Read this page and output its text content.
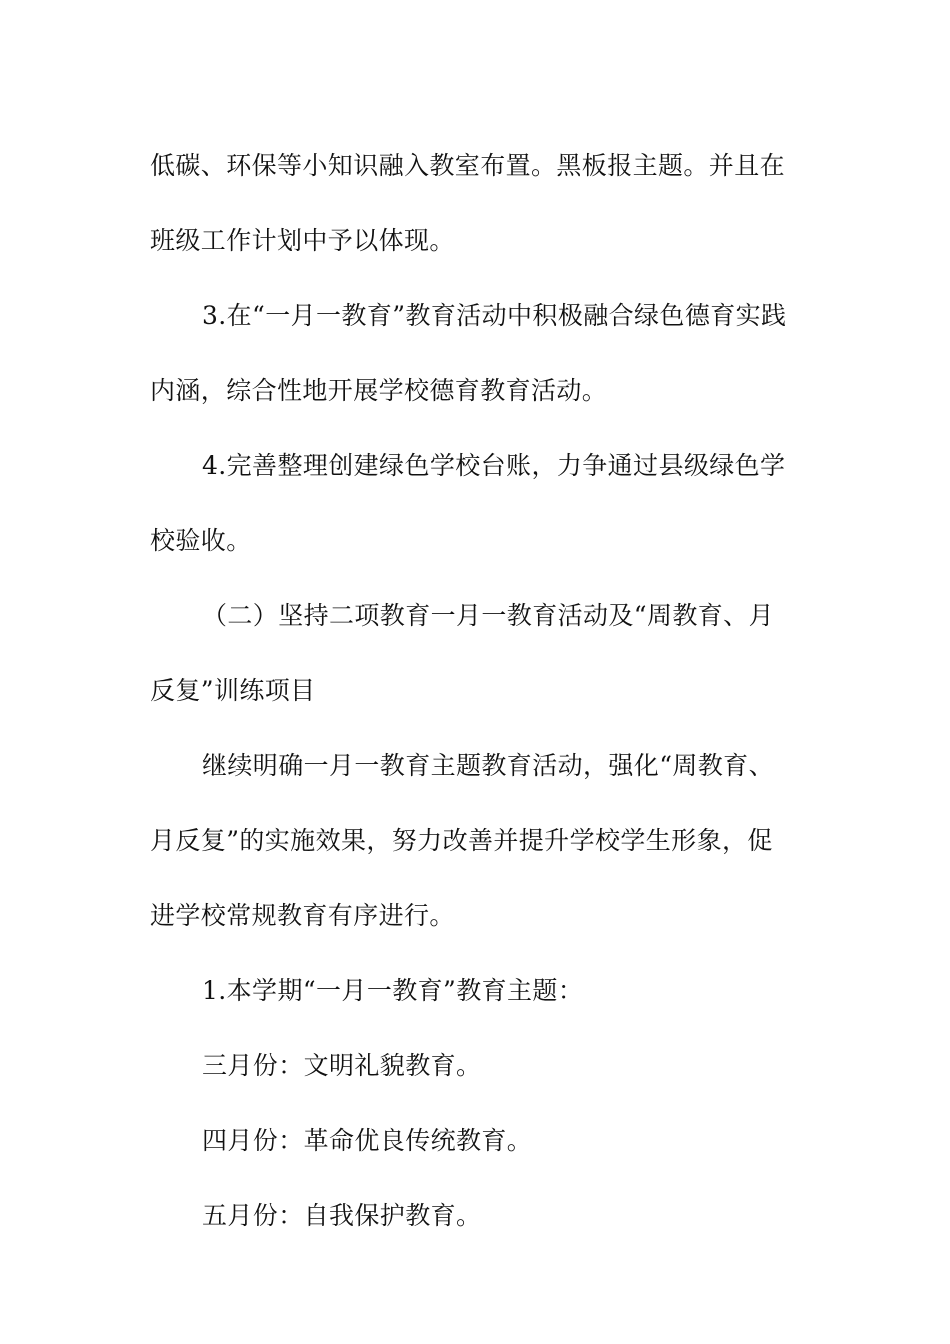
低碳、环保等小知识融入教室布置。黑板报主题。并且在班级工作计划中予以体现。

3.在“一月一教育”教育活动中积极融合绿色德育实践内涵，综合性地开展学校德育教育活动。

4.完善整理创建绿色学校台账，力争通过县级绿色学校验收。

（二）坚持二项教育一月一教育活动及“周教育、月反复”训练项目

继续明确一月一教育主题教育活动，强化“周教育、月反复”的实施效果，努力改善并提升学校学生形象，促进学校常规教育有序进行。

1.本学期“一月一教育”教育主题：

三月份：文明礼貌教育。

四月份：革命优良传统教育。

五月份：自我保护教育。
